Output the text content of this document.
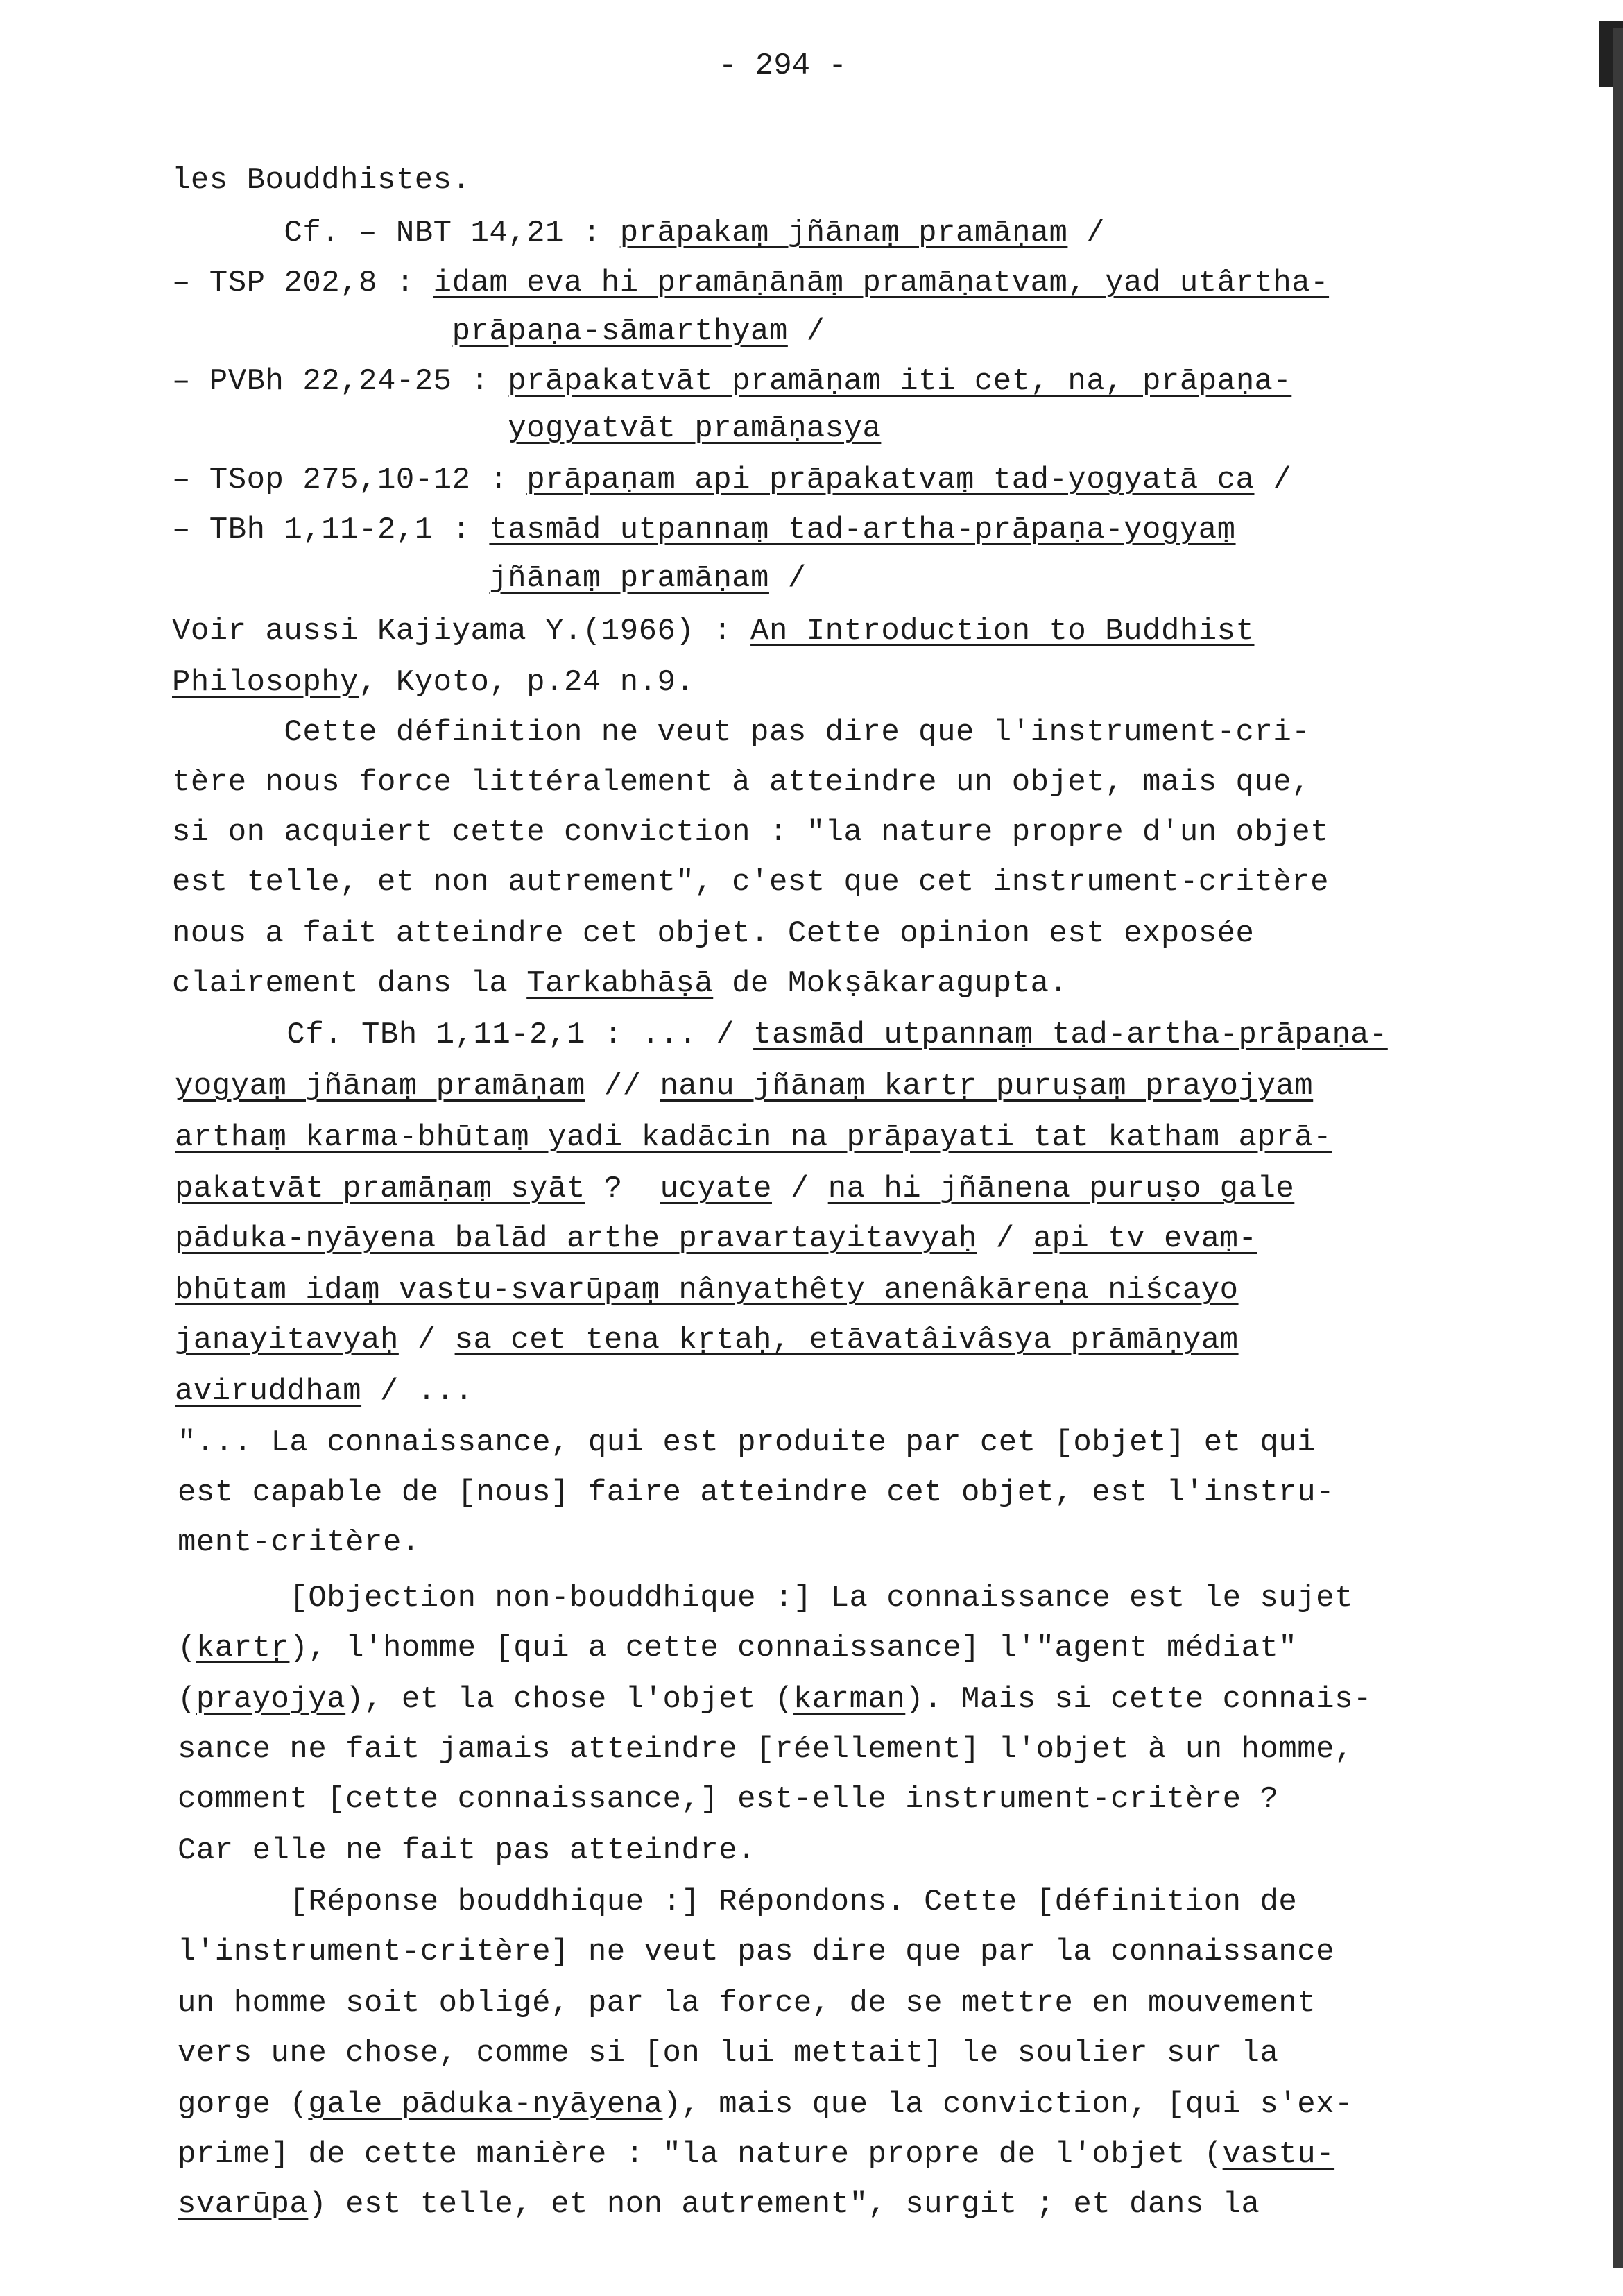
- 294 -
les Bouddhistes.
Cf. – NBT 14,21 : prāpakaṃ jñānaṃ pramāṇam /
– TSP 202,8 : idam eva hi pramāṇānāṃ pramāṇatvam, yad utârtha-
prāpaṇa-sāmarthyam /
– PVBh 22,24-25 : prāpakatvāt pramāṇam iti cet, na, prāpaṇa-
yogyatvāt pramāṇasya
– TSop 275,10-12 : prāpaṇam api prāpakatvaṃ tad-yogyatā ca /
– TBh 1,11-2,1 : tasmād utpannaṃ tad-artha-prāpaṇa-yogyaṃ
jñānaṃ pramāṇam /
Voir aussi Kajiyama Y.(1966) : An Introduction to Buddhist
Philosophy, Kyoto, p.24 n.9.
Cette définition ne veut pas dire que l'instrument-cri-
tère nous force littéralement à atteindre un objet, mais que,
si on acquiert cette conviction : "la nature propre d'un objet
est telle, et non autrement", c'est que cet instrument-critère
nous a fait atteindre cet objet. Cette opinion est exposée
clairement dans la Tarkabhāṣā de Mokṣākaragupta.
Cf. TBh 1,11-2,1 : ... / tasmād utpannaṃ tad-artha-prāpaṇa-
yogyaṃ jñānaṃ pramāṇam // nanu jñānaṃ kartṛ puruṣaṃ prayojyam
arthaṃ karma-bhūtaṃ yadi kadācin na prāpayati tat katham aprā-
pakatvāt pramāṇaṃ syāt ?  ucyate / na hi jñānena puruṣo gale
pāduka-nyāyena balād arthe pravartayitavyaḥ / api tv evaṃ-
bhūtam idaṃ vastu-svarūpaṃ nânyathêty anenâkāreṇa niścayo
janayitavyaḥ / sa cet tena kṛtaḥ, etāvatâivâsya prāmāṇyam
aviruddham / ...
"... La connaissance, qui est produite par cet [objet] et qui
est capable de [nous] faire atteindre cet objet, est l'instru-
ment-critère.
[Objection non-bouddhique :] La connaissance est le sujet
(kartṛ), l'homme [qui a cette connaissance] l'"agent médiat"
(prayojya), et la chose l'objet (karman). Mais si cette connais-
sance ne fait jamais atteindre [réellement] l'objet à un homme,
comment [cette connaissance,] est-elle instrument-critère ?
Car elle ne fait pas atteindre.
[Réponse bouddhique :] Répondons. Cette [définition de
l'instrument-critère] ne veut pas dire que par la connaissance
un homme soit obligé, par la force, de se mettre en mouvement
vers une chose, comme si [on lui mettait] le soulier sur la
gorge (gale pāduka-nyāyena), mais que la conviction, [qui s'ex-
prime] de cette manière : "la nature propre de l'objet (vastu-
svarūpa) est telle, et non autrement", surgit ; et dans la
